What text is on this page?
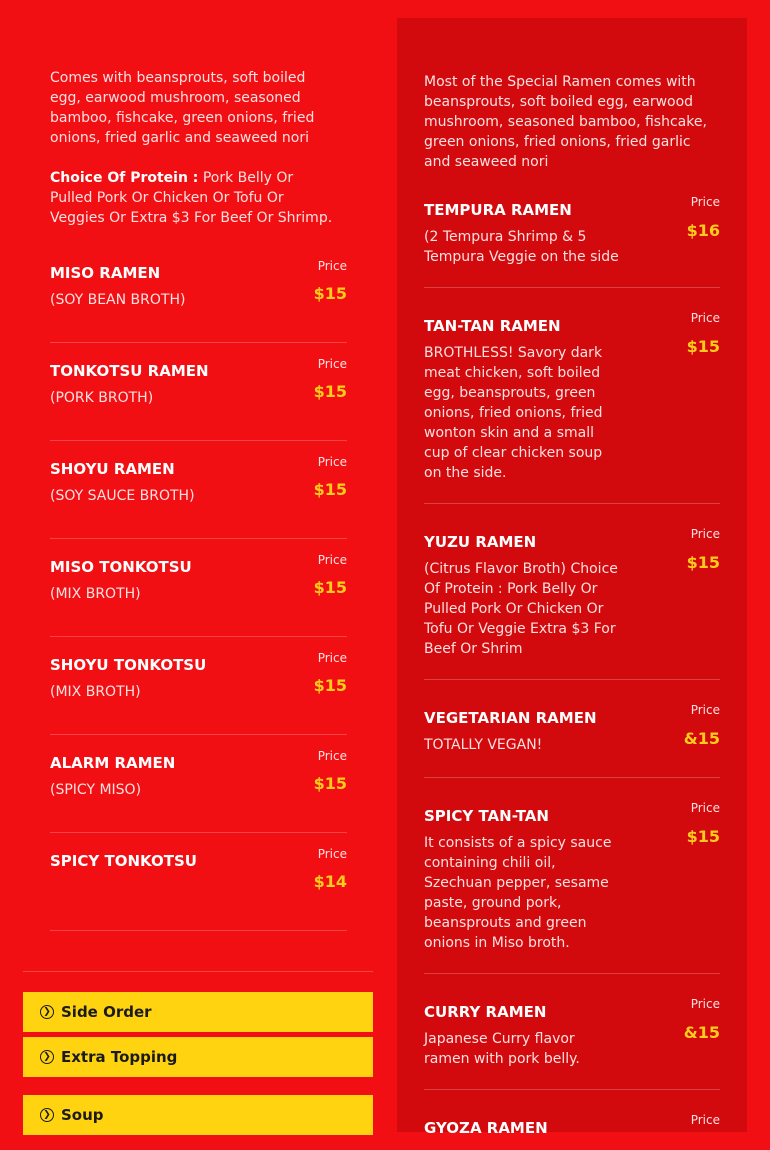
Comes with beansprouts, soft boiled egg, earwood mushroom, seasoned bamboo, fishcake, green onions, fried onions, fried garlic and seaweed nori

Choice Of Protein : Pork Belly Or Pulled Pork Or Chicken Or Tofu Or Veggies Or Extra $3 For Beef Or Shrimp.

MISO RAMEN
(SOY BEAN BROTH)
Price
$15
TONKOTSU RAMEN
(PORK BROTH)
Price
$15
SHOYU RAMEN
(SOY SAUCE BROTH)
Price
$15
MISO TONKOTSU
(MIX BROTH)
Price
$15
SHOYU TONKOTSU
(MIX BROTH)
Price
$15
ALARM RAMEN
(SPICY MISO)
Price
$15
SPICY TONKOTSU	Price
$14

Most of the Special Ramen comes with beansprouts, soft boiled egg, earwood mushroom, seasoned bamboo, fishcake, green onions, fried onions, fried garlic and seaweed nori

TEMPURA RAMEN
(2 Tempura Shrimp & 5 Tempura Veggie on the side
Price
$16
TAN-TAN RAMEN
BROTHLESS! Savory dark meat chicken, soft boiled egg, beansprouts, green onions, fried onions, fried wonton skin and a small cup of clear chicken soup on the side.
Price
$15
YUZU RAMEN
(Citrus Flavor Broth) Choice Of Protein : Pork Belly Or Pulled Pork Or Chicken Or Tofu Or Veggie Extra $3 For Beef Or Shrim
Price
$15
VEGETARIAN RAMEN
TOTALLY VEGAN!
Price
&15
SPICY TAN-TAN
It consists of a spicy sauce containing chili oil, Szechuan pepper, sesame paste, ground pork, beansprouts and green onions in Miso broth.
Price
$15
CURRY RAMEN
Japanese Curry flavor ramen with pork belly.
Price
&15
GYOZA RAMEN	Price
❯ Side Order
❯ Extra Topping
❯ Soup
